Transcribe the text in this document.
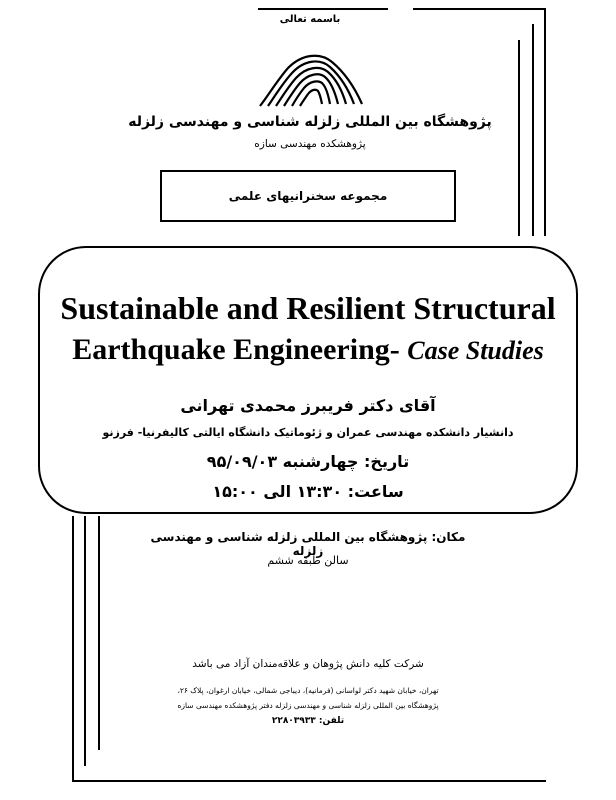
باسمه تعالی
پژوهشگاه بین المللی زلزله شناسی و مهندسی زلزله
پژوهشکده مهندسی سازه
مجموعه سخنرانیهای علمی
Sustainable and Resilient Structural
Earthquake Engineering- Case Studies
آقای دکتر فریبرز محمدی تهرانی
دانشیار دانشکده مهندسی عمران و ژئوماتیک دانشگاه ایالتی کالیفرنیا- فرزنو
تاریخ: چهارشنبه ۹۵/۰۹/۰۳
ساعت: ۱۳:۳۰ الی ۱۵:۰۰
مکان: پژوهشگاه بین المللی زلزله شناسی و مهندسی زلزله
سالن طبقه ششم
شرکت کلیه دانش پژوهان و علاقه‌مندان آزاد می باشد
تهران، خیابان شهید دکتر لواسانی (فرمانیه)، دیباجی شمالی، خیابان ارغوان، پلاک ۲۶،
پژوهشگاه بین المللی زلزله شناسی و مهندسی زلزله دفتر پژوهشکده مهندسی سازه
تلفن: ۲۲۸۰۳۹۳۳
